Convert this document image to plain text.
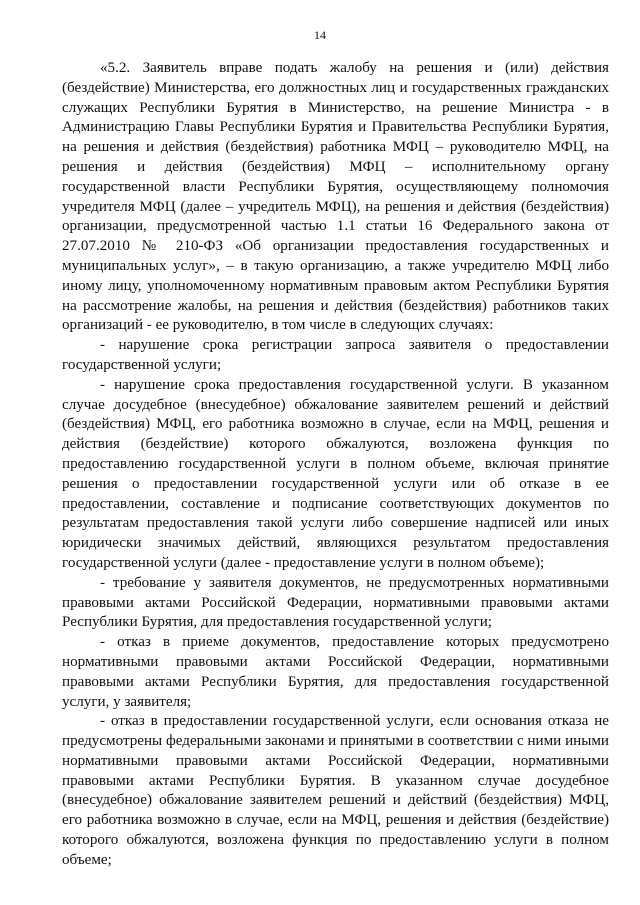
14

«5.2. Заявитель вправе подать жалобу на решения и (или) действия (бездействие) Министерства, его должностных лиц и государственных гражданских служащих Республики Бурятия в Министерство, на решение Министра - в Администрацию Главы Республики Бурятия и Правительства Республики Бурятия, на решения и действия (бездействия) работника МФЦ – руководителю МФЦ, на решения и действия (бездействия) МФЦ – исполнительному органу государственной власти Республики Бурятия, осуществляющему полномочия учредителя МФЦ (далее – учредитель МФЦ), на решения и действия (бездействия) организации, предусмотренной частью 1.1 статьи 16 Федерального закона от 27.07.2010 № 210-ФЗ «Об организации предоставления государственных и муниципальных услуг», – в такую организацию, а также учредителю МФЦ либо иному лицу, уполномоченному нормативным правовым актом Республики Бурятия на рассмотрение жалобы, на решения и действия (бездействия) работников таких организаций - ее руководителю, в том числе в следующих случаях:

- нарушение срока регистрации запроса заявителя о предоставлении государственной услуги;

- нарушение срока предоставления государственной услуги. В указанном случае досудебное (внесудебное) обжалование заявителем решений и действий (бездействия) МФЦ, его работника возможно в случае, если на МФЦ, решения и действия (бездействие) которого обжалуются, возложена функция по предоставлению государственной услуги в полном объеме, включая принятие решения о предоставлении государственной услуги или об отказе в ее предоставлении, составление и подписание соответствующих документов по результатам предоставления такой услуги либо совершение надписей или иных юридически значимых действий, являющихся результатом предоставления государственной услуги (далее - предоставление услуги в полном объеме);

- требование у заявителя документов, не предусмотренных нормативными правовыми актами Российской Федерации, нормативными правовыми актами Республики Бурятия, для предоставления государственной услуги;

- отказ в приеме документов, предоставление которых предусмотрено нормативными правовыми актами Российской Федерации, нормативными правовыми актами Республики Бурятия, для предоставления государственной услуги, у заявителя;

- отказ в предоставлении государственной услуги, если основания отказа не предусмотрены федеральными законами и принятыми в соответствии с ними иными нормативными правовыми актами Российской Федерации, нормативными правовыми актами Республики Бурятия. В указанном случае досудебное (внесудебное) обжалование заявителем решений и действий (бездействия) МФЦ, его работника возможно в случае, если на МФЦ, решения и действия (бездействие) которого обжалуются, возложена функция по предоставлению услуги в полном объеме;
